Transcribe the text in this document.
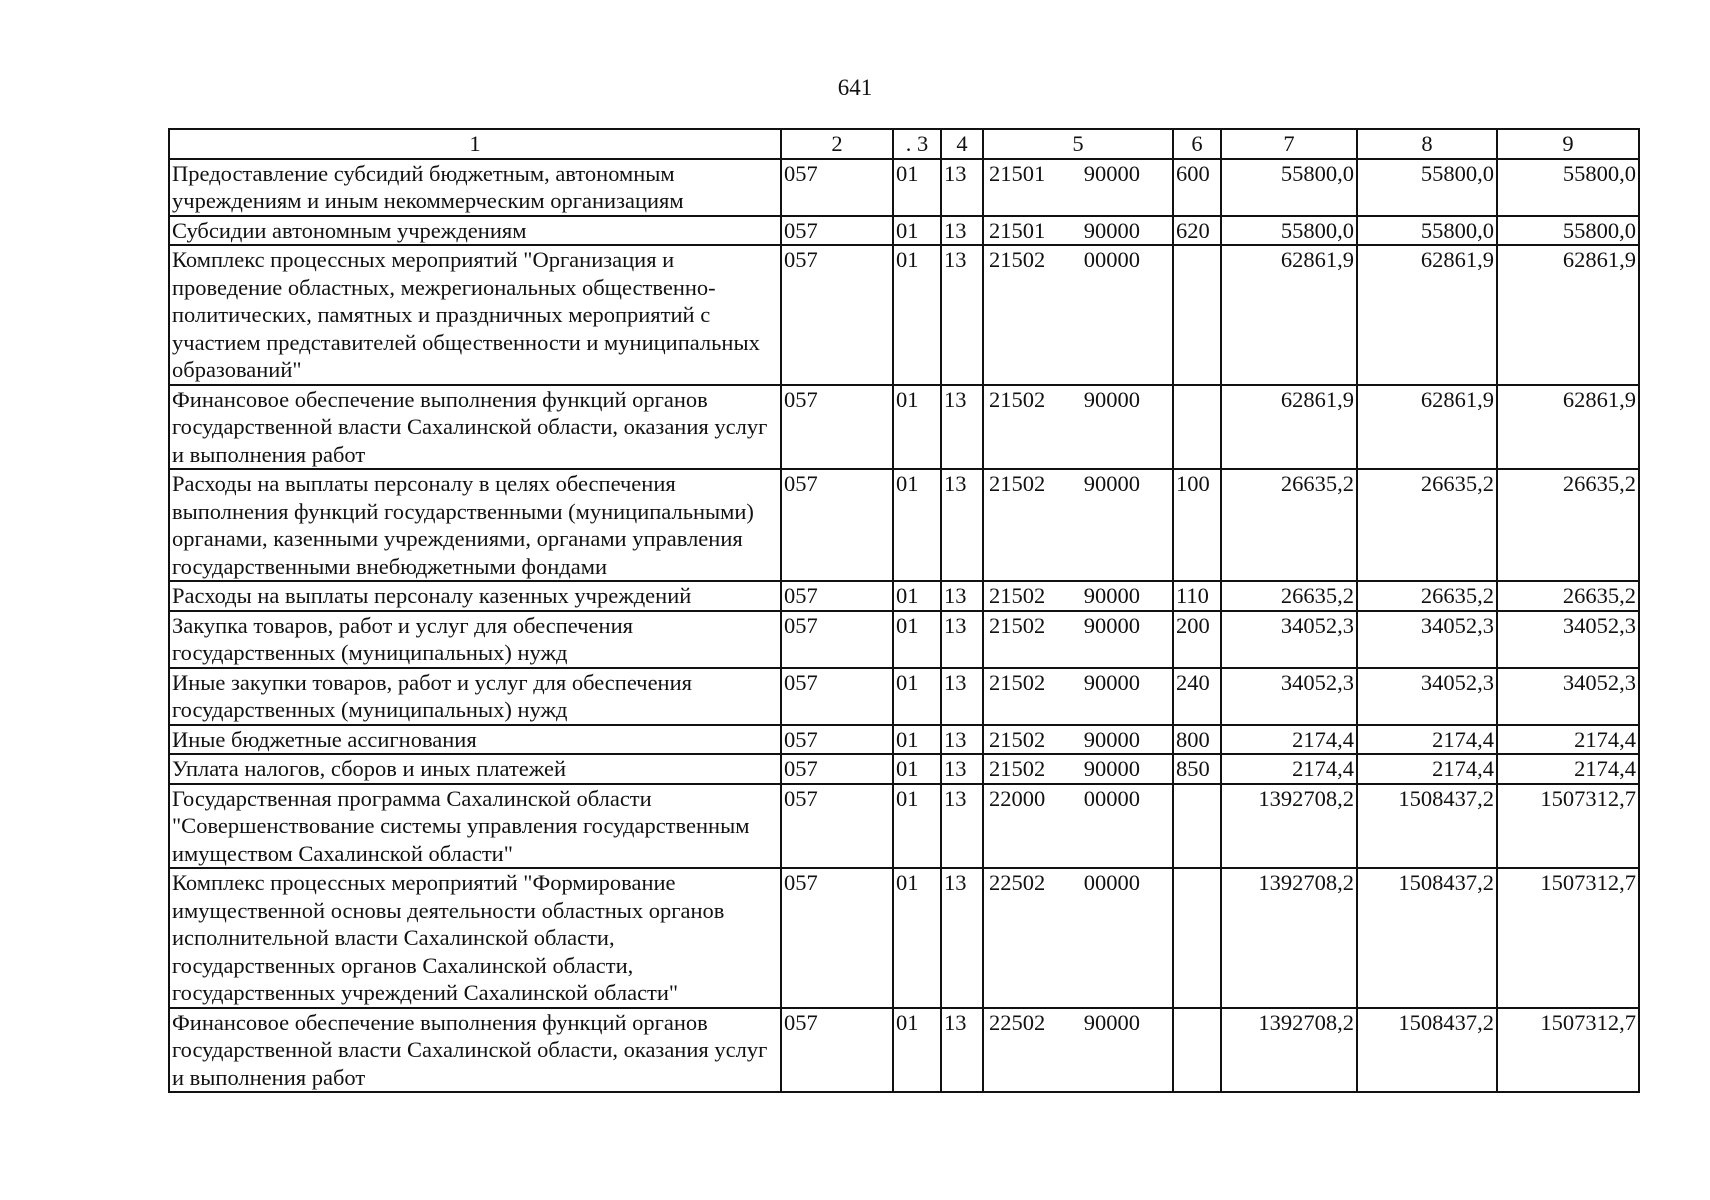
641
1	2	. 3	4	5	6	7	8	9
Предоставление субсидий бюджетным, автономным учреждениям и иным некоммерческим организациям	057	01	13	21501 90000	600	55800,0	55800,0	55800,0
Субсидии автономным учреждениям	057	01	13	21501 90000	620	55800,0	55800,0	55800,0
Комплекс процессных мероприятий "Организация и проведение областных, межрегиональных общественно-политических, памятных и праздничных мероприятий с участием представителей общественности и муниципальных образований"	057	01	13	21502 00000		62861,9	62861,9	62861,9
Финансовое обеспечение выполнения функций органов государственной власти Сахалинской области, оказания услуг и выполнения работ	057	01	13	21502 90000		62861,9	62861,9	62861,9
Расходы на выплаты персоналу в целях обеспечения выполнения функций государственными (муниципальными) органами, казенными учреждениями, органами управления государственными внебюджетными фондами	057	01	13	21502 90000	100	26635,2	26635,2	26635,2
Расходы на выплаты персоналу казенных учреждений	057	01	13	21502 90000	110	26635,2	26635,2	26635,2
Закупка товаров, работ и услуг для обеспечения государственных (муниципальных) нужд	057	01	13	21502 90000	200	34052,3	34052,3	34052,3
Иные закупки товаров, работ и услуг для обеспечения государственных (муниципальных) нужд	057	01	13	21502 90000	240	34052,3	34052,3	34052,3
Иные бюджетные ассигнования	057	01	13	21502 90000	800	2174,4	2174,4	2174,4
Уплата налогов, сборов и иных платежей	057	01	13	21502 90000	850	2174,4	2174,4	2174,4
Государственная программа Сахалинской области "Совершенствование системы управления государственным имуществом Сахалинской области"	057	01	13	22000 00000		1392708,2	1508437,2	1507312,7
Комплекс процессных мероприятий "Формирование имущественной основы деятельности областных органов исполнительной власти Сахалинской области, государственных органов Сахалинской области, государственных учреждений Сахалинской области"	057	01	13	22502 00000		1392708,2	1508437,2	1507312,7
Финансовое обеспечение выполнения функций органов государственной власти Сахалинской области, оказания услуг и выполнения работ	057	01	13	22502 90000		1392708,2	1508437,2	1507312,7
